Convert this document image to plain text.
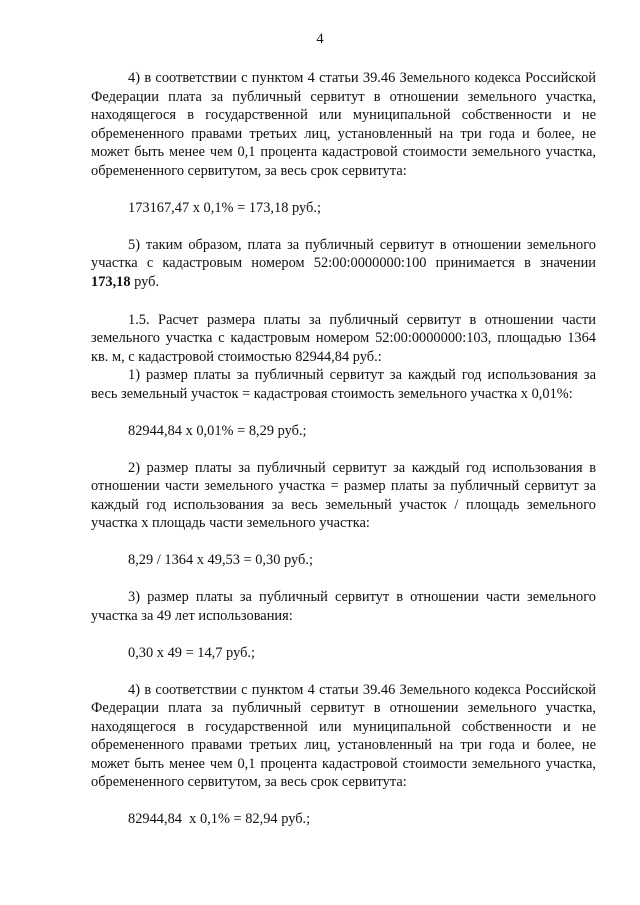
4

4) в соответствии с пунктом 4 статьи 39.46 Земельного кодекса Российской Федерации плата за публичный сервитут в отношении земельного участка, находящегося в государственной или муниципальной собственности и не обремененного правами третьих лиц, установленный на три года и более, не может быть менее чем 0,1 процента кадастровой стоимости земельного участка, обремененного сервитутом, за весь срок сервитута:

173167,47 х 0,1% = 173,18 руб.;

5) таким образом, плата за публичный сервитут в отношении земельного участка с кадастровым номером 52:00:0000000:100 принимается в значении 173,18 руб.

1.5. Расчет размера платы за публичный сервитут в отношении части земельного участка с кадастровым номером 52:00:0000000:103, площадью 1364 кв. м, с кадастровой стоимостью 82944,84 руб.:

1) размер платы за публичный сервитут за каждый год использования за весь земельный участок = кадастровая стоимость земельного участка х 0,01%:

82944,84 х 0,01% = 8,29 руб.;

2) размер платы за публичный сервитут за каждый год использования в отношении части земельного участка = размер платы за публичный сервитут за каждый год использования за весь земельный участок / площадь земельного участка х площадь части земельного участка:

8,29 / 1364 х 49,53 = 0,30 руб.;

3) размер платы за публичный сервитут в отношении части земельного участка за 49 лет использования:

0,30 х 49 = 14,7 руб.;

4) в соответствии с пунктом 4 статьи 39.46 Земельного кодекса Российской Федерации плата за публичный сервитут в отношении земельного участка, находящегося в государственной или муниципальной собственности и не обремененного правами третьих лиц, установленный на три года и более, не может быть менее чем 0,1 процента кадастровой стоимости земельного участка, обремененного сервитутом, за весь срок сервитута:

82944,84  х 0,1% = 82,94 руб.;
